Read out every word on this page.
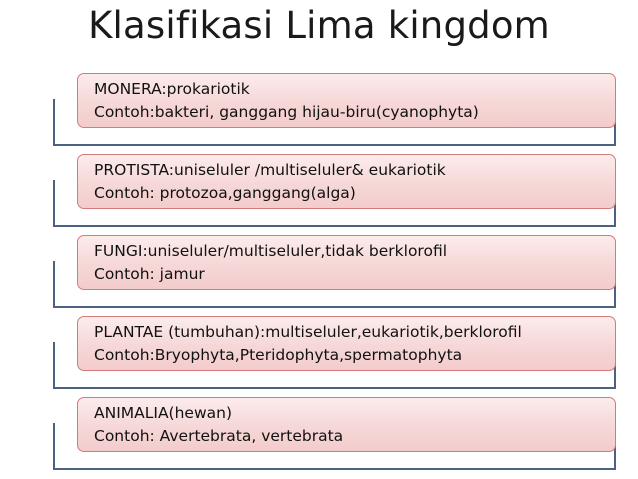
Klasifikasi Lima kingdom
MONERA:prokariotik
Contoh:bakteri, ganggang hijau-biru(cyanophyta)
PROTISTA:uniseluler /multiseluler& eukariotik
Contoh: protozoa,ganggang(alga)
FUNGI:uniseluler/multiseluler,tidak berklorofil
Contoh: jamur
PLANTAE (tumbuhan):multiseluler,eukariotik,berklorofil
Contoh:Bryophyta,Pteridophyta,spermatophyta
ANIMALIA(hewan)
Contoh: Avertebrata, vertebrata
